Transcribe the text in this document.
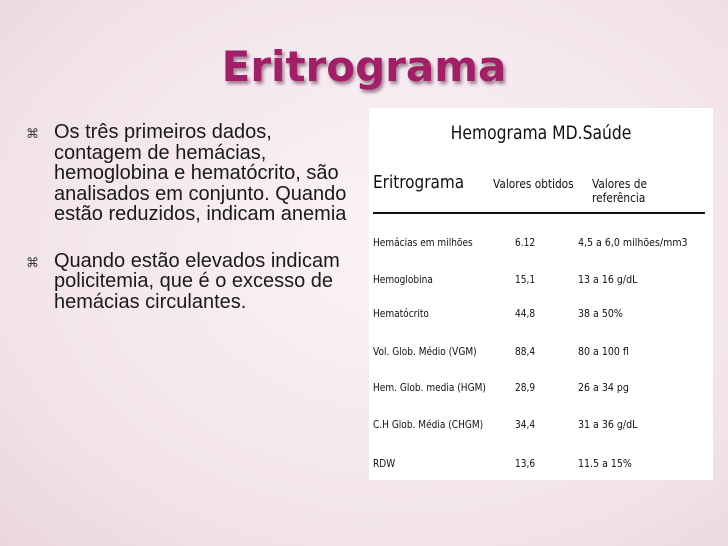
Eritrograma
⌘ Os três primeiros dados, contagem de hemácias, hemoglobina e hematócrito, são analisados em conjunto. Quando estão reduzidos, indicam anemia
⌘ Quando estão elevados indicam policitemia, que é o excesso de hemácias circulantes.
Hemograma MD.Saúde
Eritrograma Valores obtidos Valores de referência
Hemácias em milhões	6.12	4,5 a 6,0 milhões/mm3
Hemoglobina	15,1	13 a 16 g/dL
Hematócrito	44,8	38 a 50%
Vol. Glob. Médio (VGM)	88,4	80 a 100 fl
Hem. Glob. media (HGM)	28,9	26 a 34 pg
C.H Glob. Média (CHGM)	34,4	31 a 36 g/dL
RDW	13,6	11.5 a 15%
